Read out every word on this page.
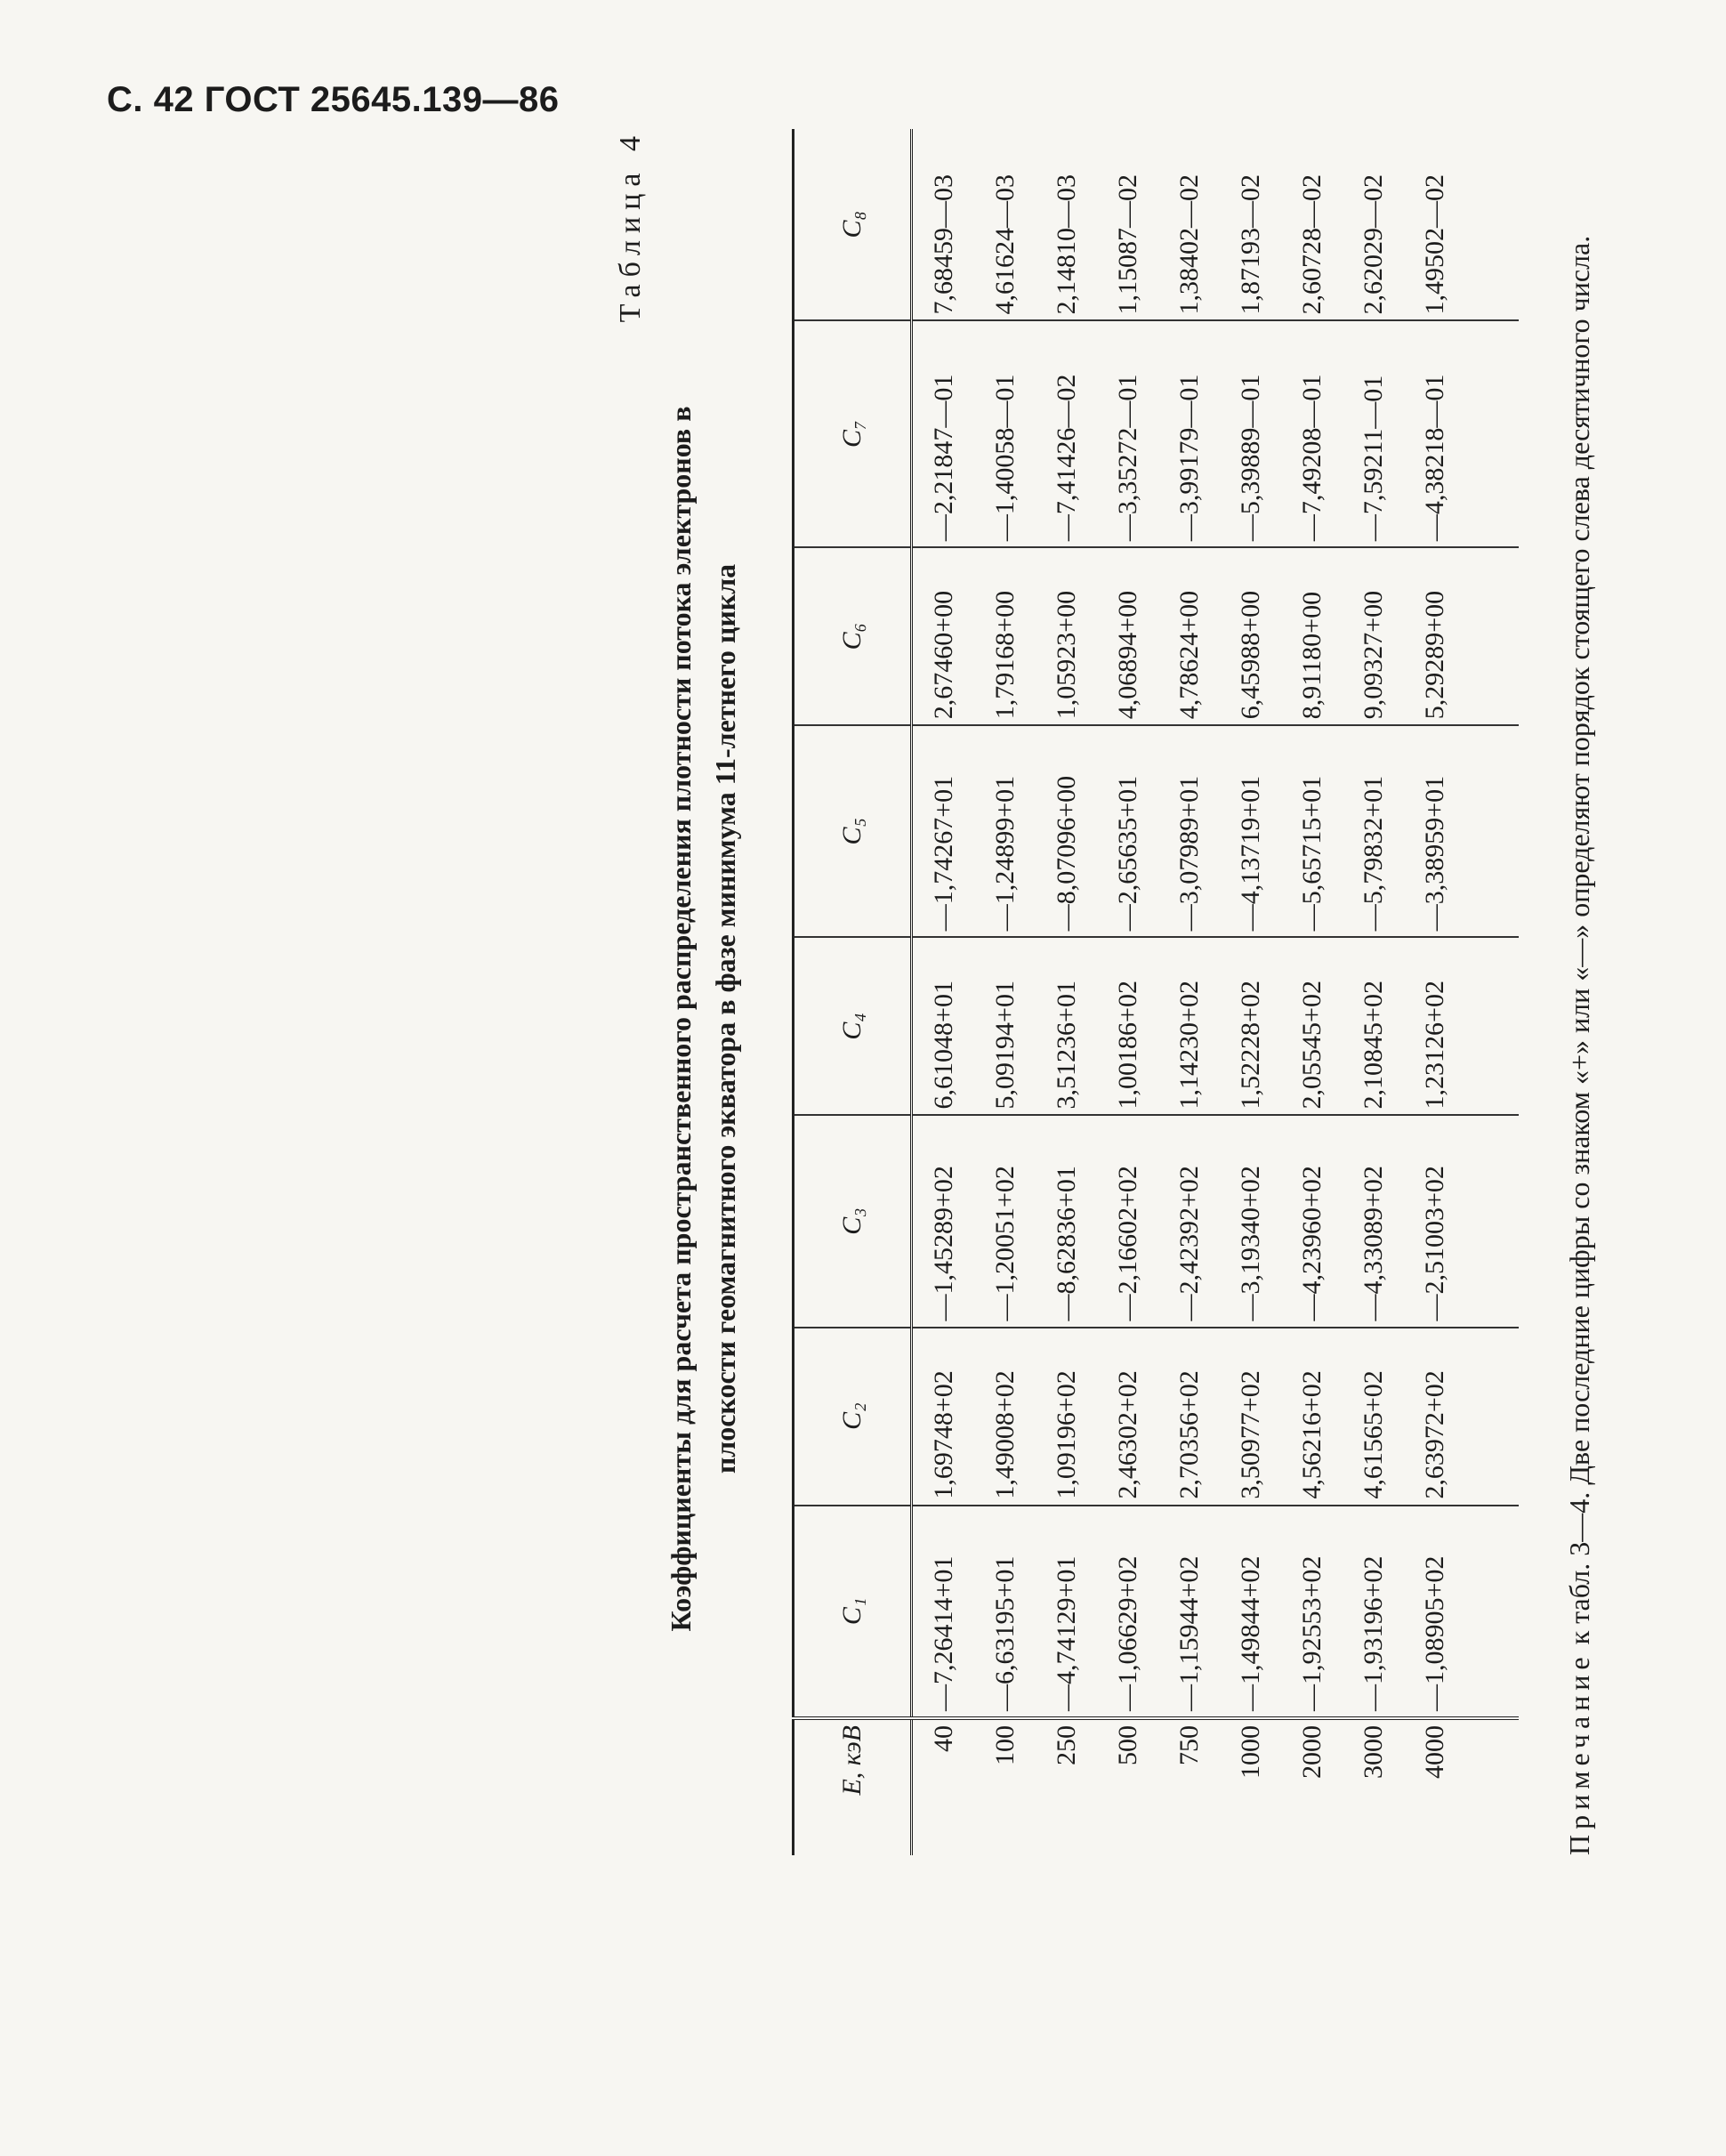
С. 42 ГОСТ 25645.139—86
Таблица 4
Коэффициенты для расчета пространственного распределения плотности потока электронов в плоскости геомагнитного экватора в фазе минимума 11-летнего цикла
E, кэВ	C₁	C₂	C₃	C₄	C₅	C₆	C₇	C₈
40	—7,26414+01	1,69748+02	—1,45289+02	6,61048+01	—1,74267+01	2,67460+00	—2,21847—01	7,68459—03
100	—6,63195+01	1,49008+02	—1,20051+02	5,09194+01	—1,24899+01	1,79168+00	—1,40058—01	4,61624—03
250	—4,74129+01	1,09196+02	—8,62836+01	3,51236+01	—8,07096+00	1,05923+00	—7,41426—02	2,14810—03
500	—1,06629+02	2,46302+02	—2,16602+02	1,00186+02	—2,65635+01	4,06894+00	—3,35272—01	1,15087—02
750	—1,15944+02	2,70356+02	—2,42392+02	1,14230+02	—3,07989+01	4,78624+00	—3,99179—01	1,38402—02
1000	—1,49844+02	3,50977+02	—3,19340+02	1,52228+02	—4,13719+01	6,45988+00	—5,39889—01	1,87193—02
2000	—1,92553+02	4,56216+02	—4,23960+02	2,05545+02	—5,65715+01	8,91180+00	—7,49208—01	2,60728—02
3000	—1,93196+02	4,61565+02	—4,33089+02	2,10845+02	—5,79832+01	9,09327+00	—7,59211—01	2,62029—02
4000	—1,08905+02	2,63972+02	—2,51003+02	1,23126+02	—3,38959+01	5,29289+00	—4,38218—01	1,49502—02
Примечание к табл. 3—4. Две последние цифры со знаком «+» или «—» определяют порядок стоящего слева десятичного числа.
